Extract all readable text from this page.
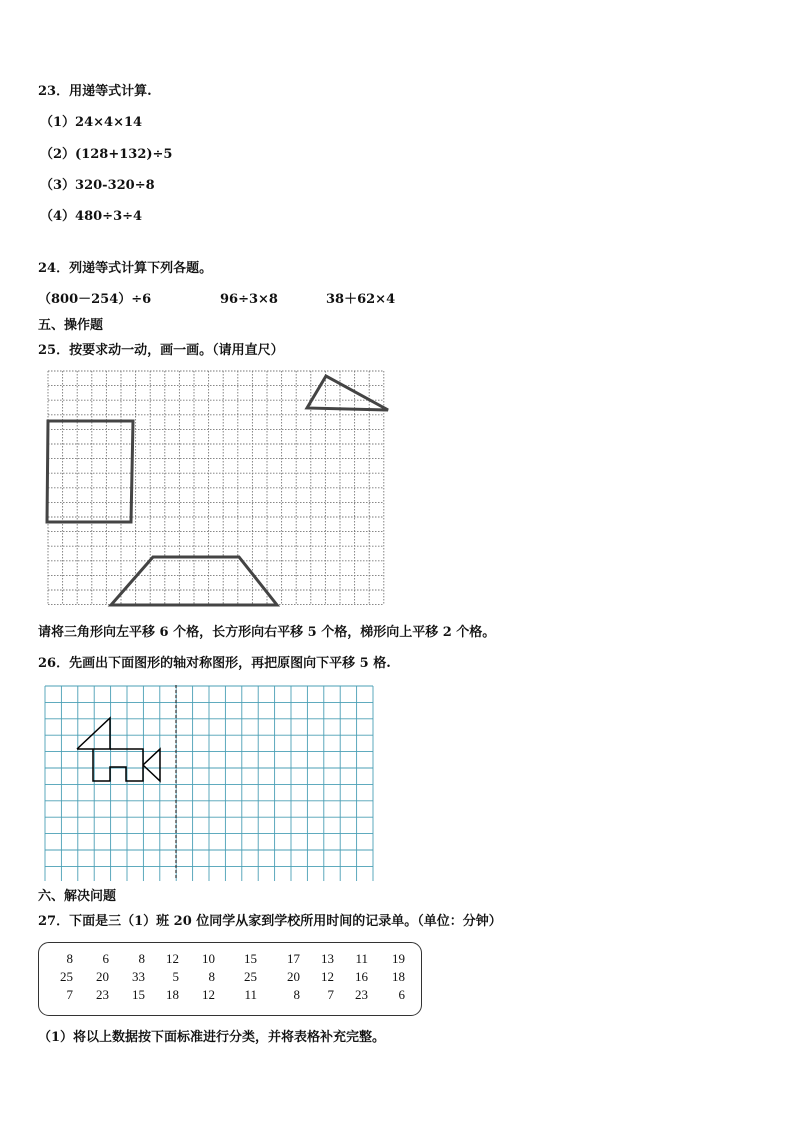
23．用递等式计算.
（1）24×4×14
（2）(128+132)÷5
（3）320-320÷8
（4）480÷3÷4
24．列递等式计算下列各题。
（800－254）÷6	96÷3×8	38＋62×4
五、操作题
25．按要求动一动，画一画。（请用直尺）
请将三角形向左平移 6 个格，长方形向右平移 5 个格，梯形向上平移 2 个格。
26．先画出下面图形的轴对称图形，再把原图向下平移 5 格.
六、解决问题
27．下面是三（1）班 20 位同学从家到学校所用时间的记录单。（单位：分钟）
8	6	8	12	10	15	17	13	11	19
25	20	33	5	8	25	20	12	16	18
7	23	15	18	12	11	8	7	23	6
（1）将以上数据按下面标准进行分类，并将表格补充完整。
